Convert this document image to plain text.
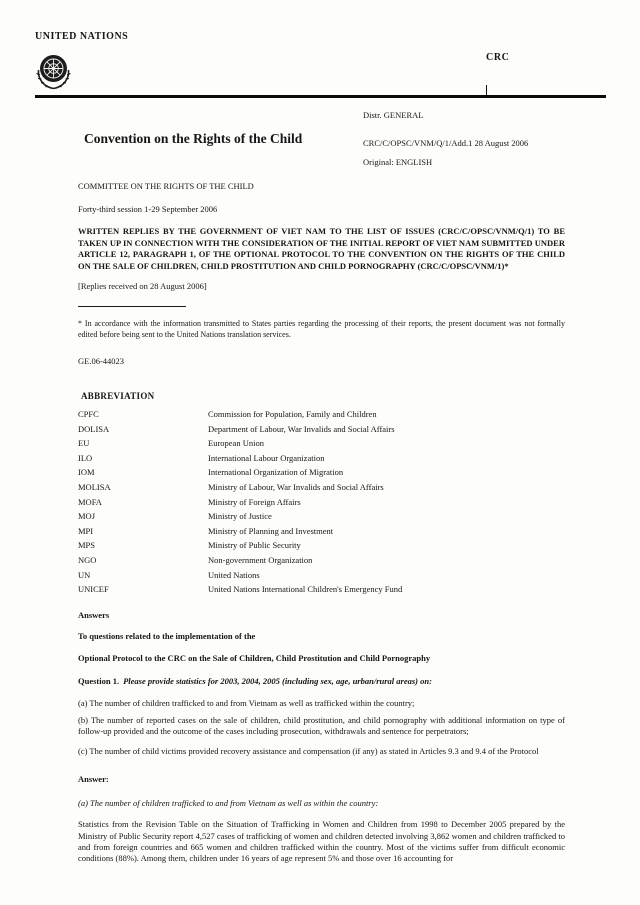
UNITED NATIONS
CRC
Convention on the Rights of the Child
Distr. GENERAL
CRC/C/OPSC/VNM/Q/1/Add.1 28 August 2006
Original: ENGLISH
COMMITTEE ON THE RIGHTS OF THE CHILD
Forty-third session 1-29 September 2006
WRITTEN REPLIES BY THE GOVERNMENT OF VIET NAM TO THE LIST OF ISSUES (CRC/C/OPSC/VNM/Q/1) TO BE TAKEN UP IN CONNECTION WITH THE CONSIDERATION OF THE INITIAL REPORT OF VIET NAM SUBMITTED UNDER ARTICLE 12, PARAGRAPH 1, OF THE OPTIONAL PROTOCOL TO THE CONVENTION ON THE RIGHTS OF THE CHILD ON THE SALE OF CHILDREN, CHILD PROSTITUTION AND CHILD PORNOGRAPHY (CRC/C/OPSC/VNM/1)*
[Replies received on 28 August 2006]
* In accordance with the information transmitted to States parties regarding the processing of their reports, the present document was not formally edited before being sent to the United Nations translation services.
GE.06-44023
ABBREVIATION
CPFC	Commission for Population, Family and Children
DOLISA	Department of Labour, War Invalids and Social Affairs
EU	European Union
ILO	International Labour Organization
IOM	International Organization of Migration
MOLISA	Ministry of Labour, War Invalids and Social Affairs
MOFA	Ministry of Foreign Affairs
MOJ	Ministry of Justice
MPI	Ministry of Planning and Investment
MPS	Ministry of Public Security
NGO	Non-government Organization
UN	United Nations
UNICEF	United Nations International Children's Emergency Fund
Answers
To questions related to the implementation of the
Optional Protocol to the CRC on the Sale of Children, Child Prostitution and Child Pornography
Question 1. Please provide statistics for 2003, 2004, 2005 (including sex, age, urban/rural areas) on:
(a) The number of children trafficked to and from Vietnam as well as trafficked within the country;
(b) The number of reported cases on the sale of children, child prostitution, and child pornography with additional information on type of follow-up provided and the outcome of the cases including prosecution, withdrawals and sentence for perpetrators;
(c) The number of child victims provided recovery assistance and compensation (if any) as stated in Articles 9.3 and 9.4 of the Protocol
Answer:
(a) The number of children trafficked to and from Vietnam as well as within the country:
Statistics from the Revision Table on the Situation of Trafficking in Women and Children from 1998 to December 2005 prepared by the Ministry of Public Security report 4,527 cases of trafficking of women and children detected involving 3,862 women and children trafficked to and from foreign countries and 665 women and children trafficked within the country. Most of the victims suffer from difficult economic conditions (88%). Among them, children under 16 years of age represent 5% and those over 16 accounting for
